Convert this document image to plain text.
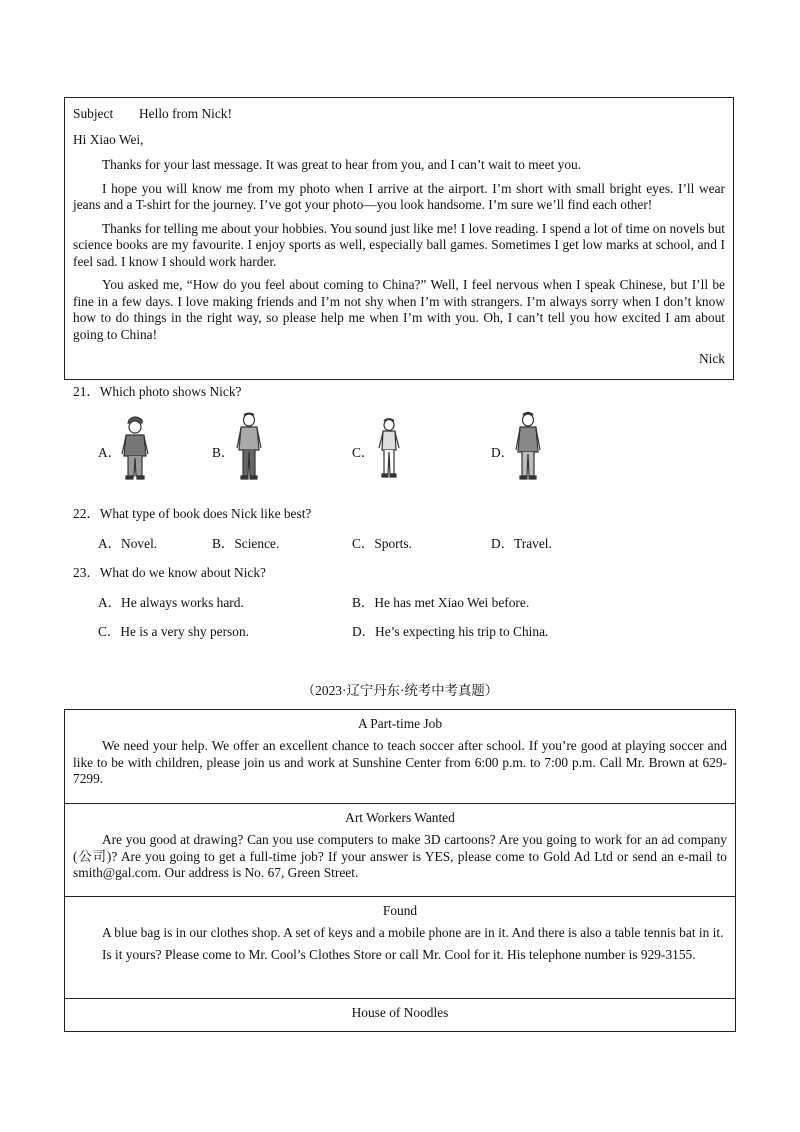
Subject Hello from Nick!
Hi Xiao Wei,

Thanks for your last message. It was great to hear from you, and I can’t wait to meet you.

I hope you will know me from my photo when I arrive at the airport. I’m short with small bright eyes. I’ll wear jeans and a T-shirt for the journey. I’ve got your photo—you look handsome. I’m sure we’ll find each other!

Thanks for telling me about your hobbies. You sound just like me! I love reading. I spend a lot of time on novels but science books are my favourite. I enjoy sports as well, especially ball games. Sometimes I get low marks at school, and I feel sad. I know I should work harder.

You asked me, “How do you feel about coming to China?” Well, I feel nervous when I speak Chinese, but I’ll be fine in a few days. I love making friends and I’m not shy when I’m with strangers. I’m always sorry when I don’t know how to do things in the right way, so please help me when I’m with you. Oh, I can’t tell you how excited I am about going to China!

Nick
21．Which photo shows Nick?
A．	B．	C．	D．
22．What type of book does Nick like best?
A．Novel.	B．Science.	C．Sports.	D．Travel.
23．What do we know about Nick?
A．He always works hard.	B．He has met Xiao Wei before.
C．He is a very shy person.	D．He’s expecting his trip to China.
（2023·辽宁丹东·统考中考真题）
A Part-time Job

We need your help. We offer an excellent chance to teach soccer after school. If you’re good at playing soccer and like to be with children, please join us and work at Sunshine Center from 6:00 p.m. to 7:00 p.m. Call Mr. Brown at 629-7299.

Art Workers Wanted

Are you good at drawing? Can you use computers to make 3D cartoons? Are you going to work for an ad company (公司)? Are you going to get a full-time job? If your answer is YES, please come to Gold Ad Ltd or send an e-mail to smith@gal.com. Our address is No. 67, Green Street.

Found

A blue bag is in our clothes shop. A set of keys and a mobile phone are in it. And there is also a table tennis bat in it.

Is it yours? Please come to Mr. Cool’s Clothes Store or call Mr. Cool for it. His telephone number is 929-3155.

House of Noodles
